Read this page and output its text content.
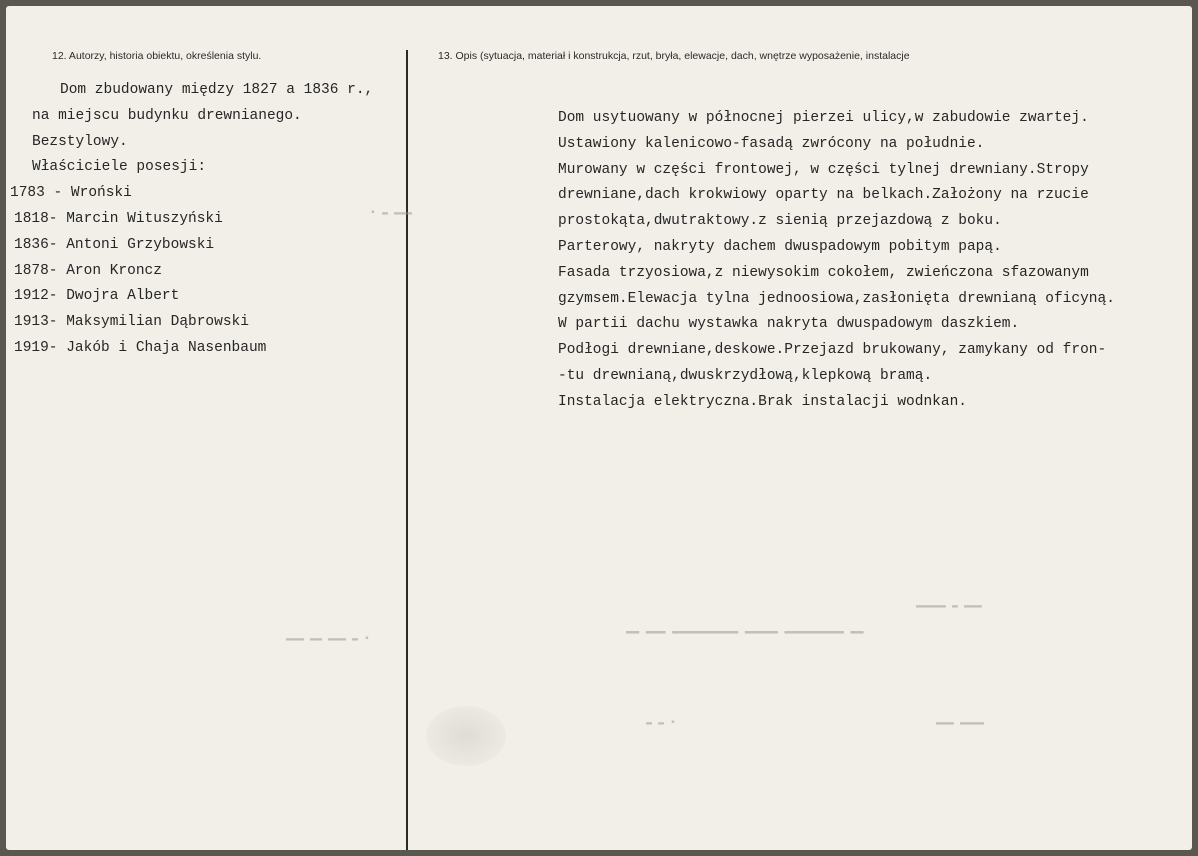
12. Autorzy, historia obiektu, określenia stylu.	13. Opis (sytuacja, materiał i konstrukcja, rzut, bryła, elewacje, dach, wnętrze wyposażenie, instalacje
Dom zbudowany między 1827 a 1836 r.,
na miejscu budynku drewnianego.
Bezstylowy.
Właściciele posesji:
1783 - Wroński
1818- Marcin Wituszyński
1836- Antoni Grzybowski
1878- Aron Kroncz
1912- Dwojra Albert
1913- Maksymilian Dąbrowski
1919- Jakób i Chaja Nasenbaum
Dom usytuowany w północnej pierzei ulicy,w zabudowie zwartej.
Ustawiony kalenicowo-fasadą zwrócony na południe.
Murowany w części frontowej, w części tylnej drewniany.Stropy
drewniane,dach krokwiowy oparty na belkach.Założony na rzucie
prostokąta,dwutraktowy.z sienią przejazdową z boku.
Parterowy, nakryty dachem dwuspadowym pobitym papą.
Fasada trzyosiowa,z niewysokim cokołem, zwieńczona sfazowanym
gzymsem.Elewacja tylna jednoosiowa,zasłonięta drewnianą oficyną.
W partii dachu wystawka nakryta dwuspadowym daszkiem.
Podłogi drewniane,deskowe.Przejazd brukowany, zamykany od fron-
-tu drewnianą,dwuskrzydłową,klepkową bramą.
Instalacja elektryczna.Brak instalacji wodnkan.
▬▬▬ ▬ ▪
▪ ▬ ▬▬▬ ▬▬ ▬▬▬
▬▬ ▬▬▬▬▬▬▬▬▬ ▬▬▬▬▬ ▬▬▬▬▬▬▬▬▬▬ ▬▬▬ ▬▬
▬▬▬ ▬ ▬▬▬▬▬
▪ ▬ ▬	▬▬▬▬ ▬▬▬
